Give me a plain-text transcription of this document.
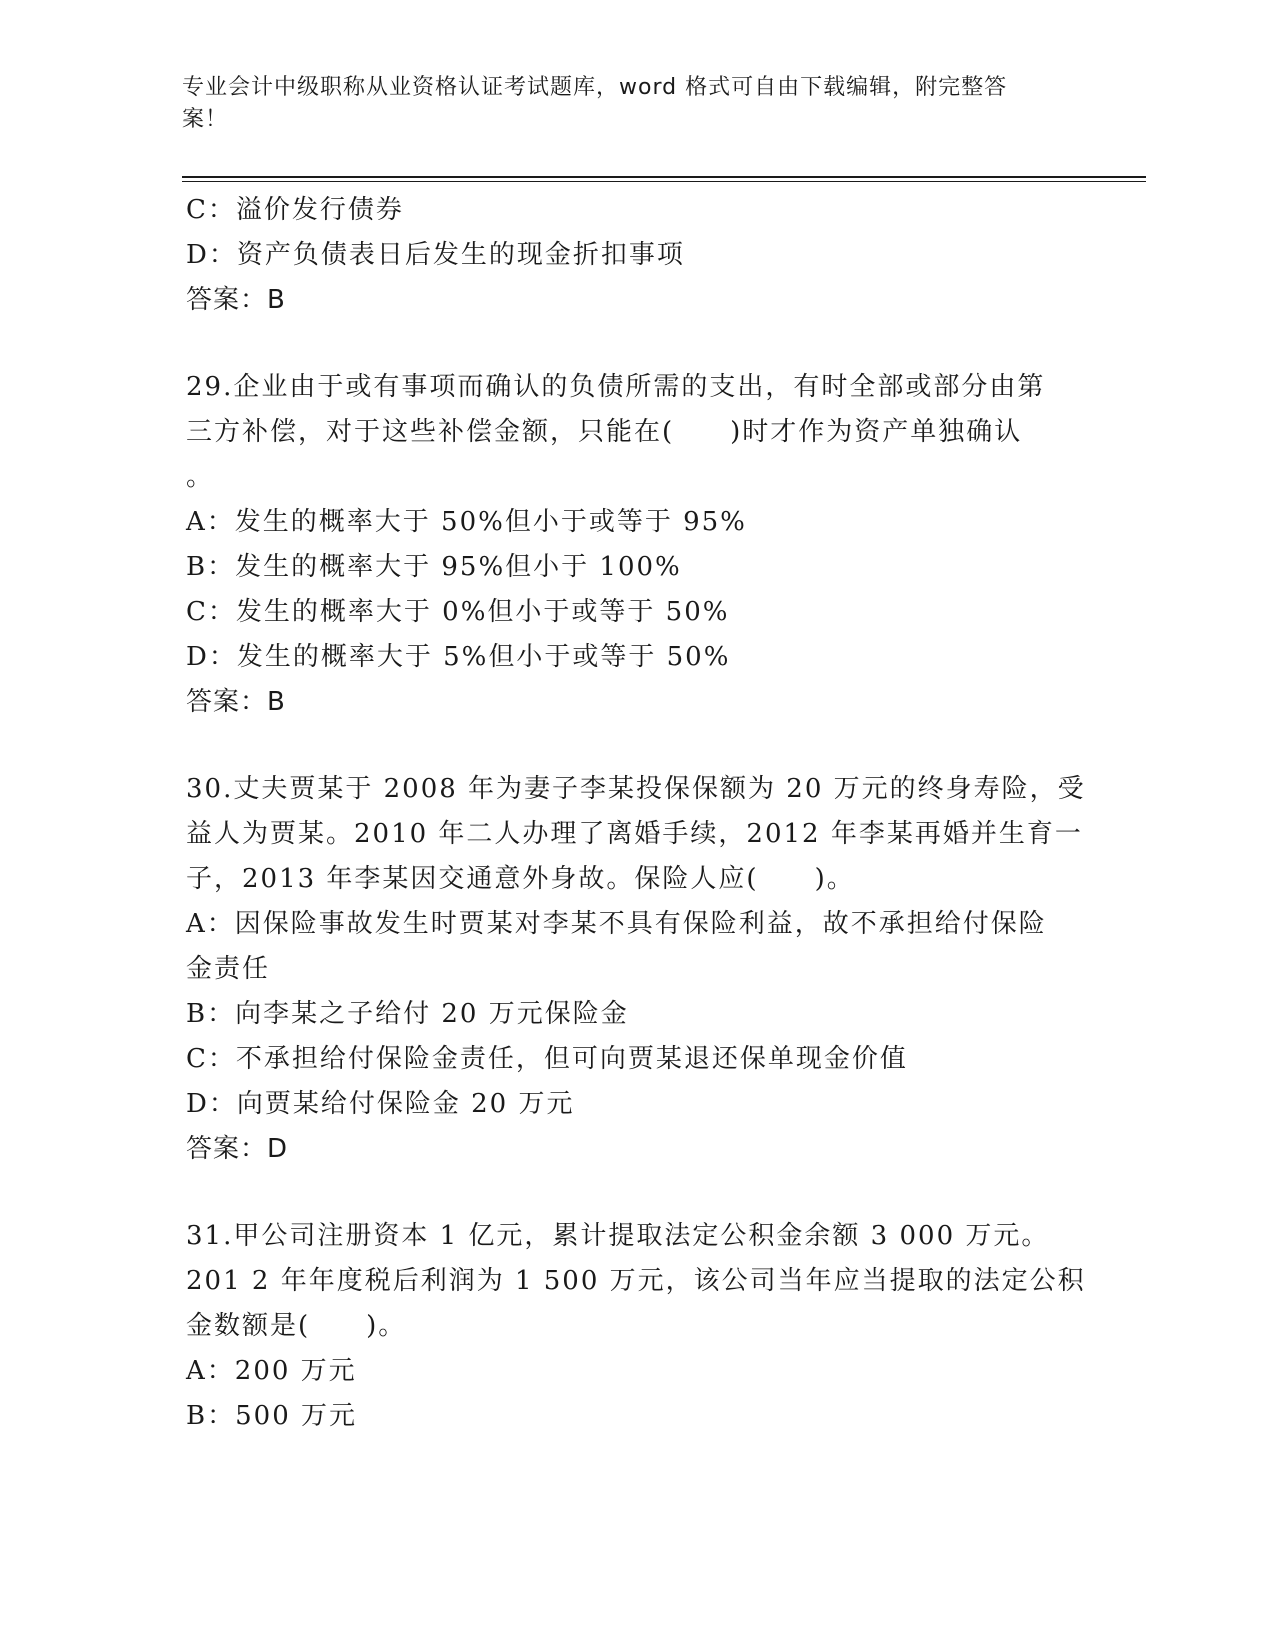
专业会计中级职称从业资格认证考试题库，word 格式可自由下载编辑，附完整答
案！
C：溢价发行债券
D：资产负债表日后发生的现金折扣事项
答案：B
29.企业由于或有事项而确认的负债所需的支出，有时全部或部分由第
三方补偿，对于这些补偿金额，只能在(　　)时才作为资产单独确认
。
A：发生的概率大于 50%但小于或等于 95%
B：发生的概率大于 95%但小于 100%
C：发生的概率大于 0%但小于或等于 50%
D：发生的概率大于 5%但小于或等于 50%
答案：B
30.丈夫贾某于 2008 年为妻子李某投保保额为 20 万元的终身寿险，受
益人为贾某。2010 年二人办理了离婚手续，2012 年李某再婚并生育一
子，2013 年李某因交通意外身故。保险人应(　　)。
A：因保险事故发生时贾某对李某不具有保险利益，故不承担给付保险
金责任
B：向李某之子给付 20 万元保险金
C：不承担给付保险金责任，但可向贾某退还保单现金价值
D：向贾某给付保险金 20 万元
答案：D
31.甲公司注册资本 1 亿元，累计提取法定公积金余额 3 000 万元。
201 2 年年度税后利润为 1 500 万元，该公司当年应当提取的法定公积
金数额是(　　)。
A：200 万元
B：500 万元
